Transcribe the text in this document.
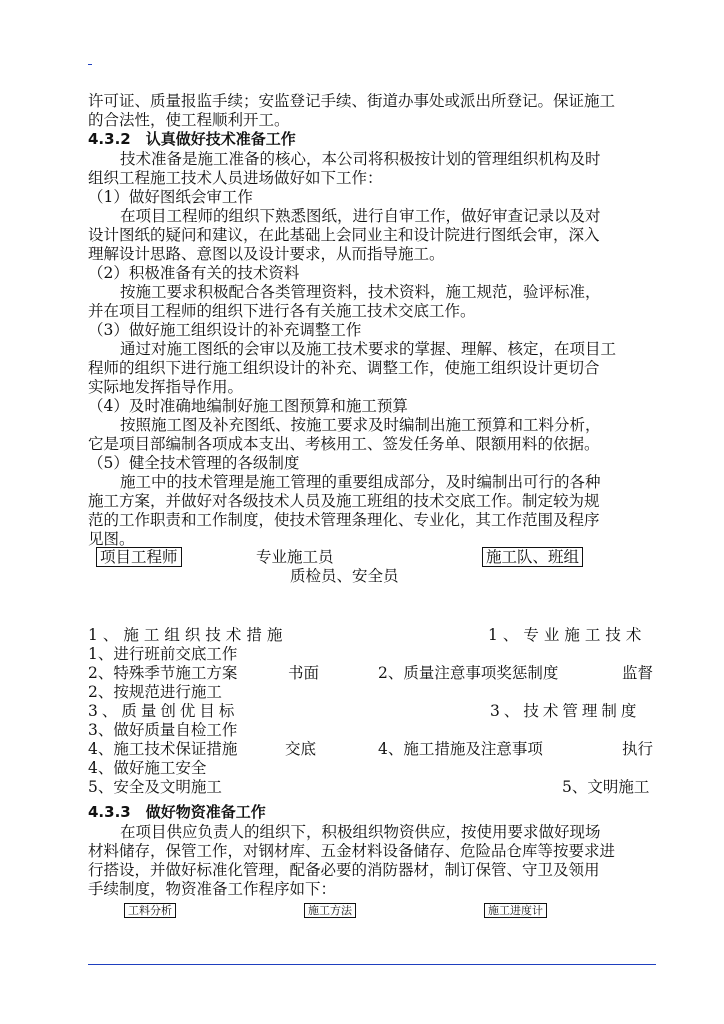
许可证、质量报监手续；安监登记手续、街道办事处或派出所登记。保证施工
的合法性，使工程顺利开工。
4.3.2　认真做好技术准备工作
技术准备是施工准备的核心，本公司将积极按计划的管理组织机构及时
组织工程施工技术人员进场做好如下工作：
（1）做好图纸会审工作
在项目工程师的组织下熟悉图纸，进行自审工作，做好审查记录以及对
设计图纸的疑问和建议，在此基础上会同业主和设计院进行图纸会审，深入
理解设计思路、意图以及设计要求，从而指导施工。
（2）积极准备有关的技术资料
按施工要求积极配合各类管理资料，技术资料，施工规范，验评标准，
并在项目工程师的组织下进行各有关施工技术交底工作。
（3）做好施工组织设计的补充调整工作
通过对施工图纸的会审以及施工技术要求的掌握、理解、核定，在项目工
程师的组织下进行施工组织设计的补充、调整工作，使施工组织设计更切合
实际地发挥指导作用。
（4）及时准确地编制好施工图预算和施工预算
按照施工图及补充图纸、按施工要求及时编制出施工预算和工料分析，
它是项目部编制各项成本支出、考核用工、签发任务单、限额用料的依据。
（5）健全技术管理的各级制度
施工中的技术管理是施工管理的重要组成部分，及时编制出可行的各种
施工方案，并做好对各级技术人员及施工班组的技术交底工作。制定较为规
范的工作职责和工作制度，使技术管理条理化、专业化，其工作范围及程序
见图。
项目工程师	专业施工员	施工队、班组
质检员、安全员
1、施工组织技术措施	1、专业施工技术
1、进行班前交底工作
2、特殊季节施工方案	书面	2、质量注意事项奖惩制度	监督
2、按规范进行施工
3、质量创优目标	3、技术管理制度
3、做好质量自检工作
4、施工技术保证措施	交底	4、施工措施及注意事项	执行
4、做好施工安全
5、安全及文明施工	5、文明施工
4.3.3　做好物资准备工作
在项目供应负责人的组织下，积极组织物资供应，按使用要求做好现场
材料储存，保管工作，对钢材库、五金材料设备储存、危险品仓库等按要求进
行搭设，并做好标准化管理，配备必要的消防器材，制订保管、守卫及领用
手续制度，物资准备工作程序如下：
工料分析	施工方法	施工进度计
